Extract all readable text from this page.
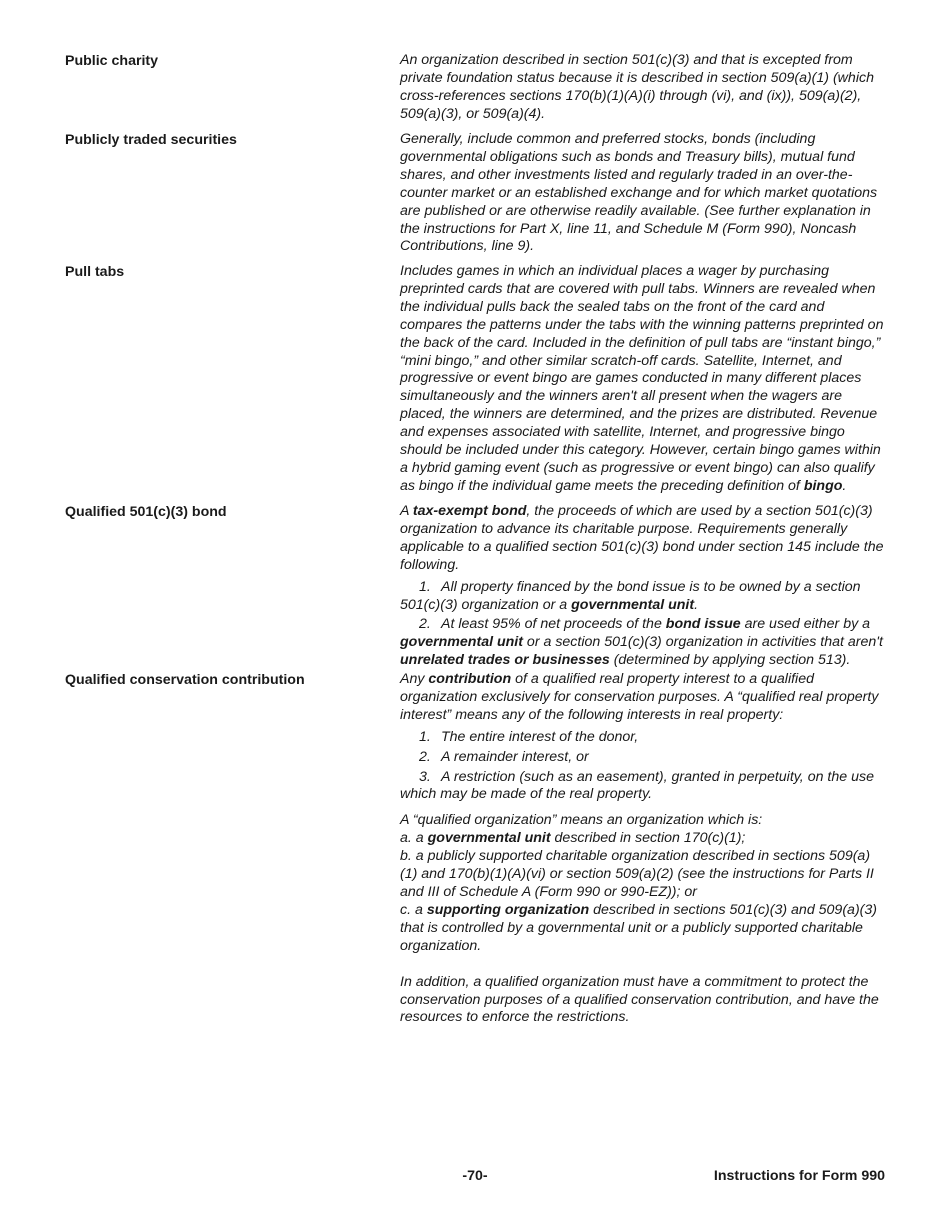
Public charity	An organization described in section 501(c)(3) and that is excepted from private foundation status because it is described in section 509(a)(1) (which cross-references sections 170(b)(1)(A)(i) through (vi), and (ix)), 509(a)(2), 509(a)(3), or 509(a)(4).

Publicly traded securities	Generally, include common and preferred stocks, bonds (including governmental obligations such as bonds and Treasury bills), mutual fund shares, and other investments listed and regularly traded in an over-the-counter market or an established exchange and for which market quotations are published or are otherwise readily available. (See further explanation in the instructions for Part X, line 11, and Schedule M (Form 990), Noncash Contributions, line 9).

Pull tabs	Includes games in which an individual places a wager by purchasing preprinted cards that are covered with pull tabs. Winners are revealed when the individual pulls back the sealed tabs on the front of the card and compares the patterns under the tabs with the winning patterns preprinted on the back of the card. Included in the definition of pull tabs are “instant bingo,” “mini bingo,” and other similar scratch-off cards. Satellite, Internet, and progressive or event bingo are games conducted in many different places simultaneously and the winners aren't all present when the wagers are placed, the winners are determined, and the prizes are distributed. Revenue and expenses associated with satellite, Internet, and progressive bingo should be included under this category. However, certain bingo games within a hybrid gaming event (such as progressive or event bingo) can also qualify as bingo if the individual game meets the preceding definition of bingo.

Qualified 501(c)(3) bond	A tax-exempt bond, the proceeds of which are used by a section 501(c)(3) organization to advance its charitable purpose. Requirements generally applicable to a qualified section 501(c)(3) bond under section 145 include the following.

1. All property financed by the bond issue is to be owned by a section 501(c)(3) organization or a governmental unit.

2. At least 95% of net proceeds of the bond issue are used either by a governmental unit or a section 501(c)(3) organization in activities that aren't unrelated trades or businesses (determined by applying section 513).

Qualified conservation contribution	Any contribution of a qualified real property interest to a qualified organization exclusively for conservation purposes. A “qualified real property interest” means any of the following interests in real property:

1. The entire interest of the donor,

2. A remainder interest, or

3. A restriction (such as an easement), granted in perpetuity, on the use which may be made of the real property.

A “qualified organization” means an organization which is:

a. a governmental unit described in section 170(c)(1);

b. a publicly supported charitable organization described in sections 509(a)(1) and 170(b)(1)(A)(vi) or section 509(a)(2) (see the instructions for Parts II and III of Schedule A (Form 990 or 990-EZ)); or

c. a supporting organization described in sections 501(c)(3) and 509(a)(3) that is controlled by a governmental unit or a publicly supported charitable organization.

In addition, a qualified organization must have a commitment to protect the conservation purposes of a qualified conservation contribution, and have the resources to enforce the restrictions.

-70-	Instructions for Form 990
